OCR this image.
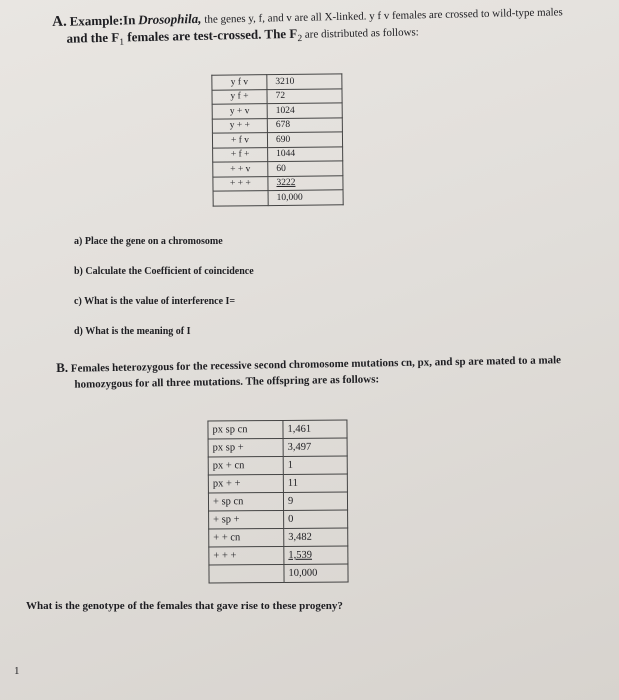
A. Example:In Drosophila, the genes y, f, and v are all X-linked. y f v females are crossed to wild-type males
and the $F_1$ females are test-crossed. The $F_2$ are distributed as follows:
y f v	3210
y f +	72
y + v	1024
y + +	678
+ f v	690
+ f +	1044
+ + v	60
+ + +	3222
	10,000
a) Place the gene on a chromosome
b) Calculate the Coefficient of coincidence
c) What is the value of interference I=
d) What is the meaning of I
B. Females heterozygous for the recessive second chromosome mutations cn, px, and sp are mated to a male
homozygous for all three mutations. The offspring are as follows:
px sp cn	1,461
px sp +	3,497
px + cn	1
px + +	11
+ sp cn	9
+ sp +	0
+ + cn	3,482
+ + +	1,539
	10,000
What is the genotype of the females that gave rise to these progeny?
1
